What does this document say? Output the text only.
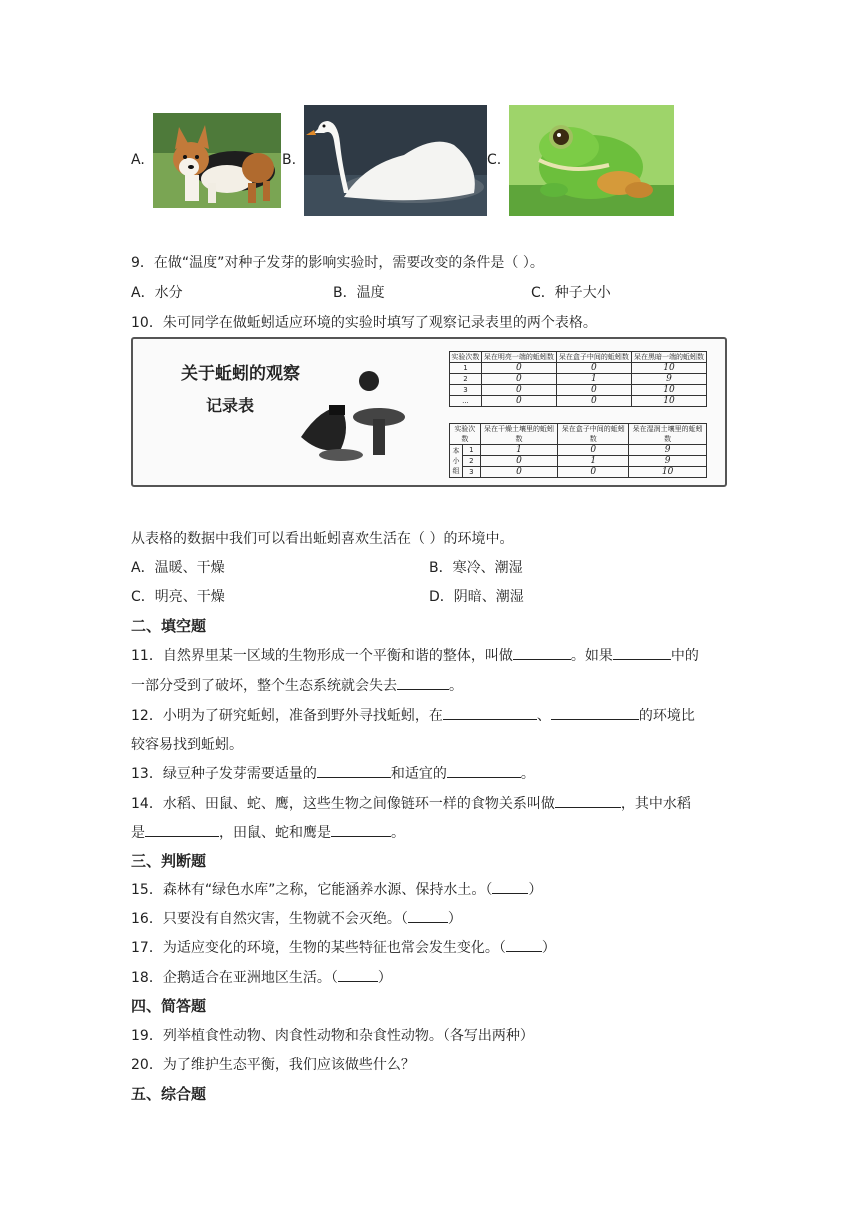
A.	B.	C.
9．在做“温度”对种子发芽的影响实验时，需要改变的条件是（ ）。
A．水分	B．温度	C．种子大小
10．朱可同学在做蚯蚓适应环境的实验时填写了观察记录表里的两个表格。
关于蚯蚓的观察
记录表
实验次数	呆在明亮一端的蚯蚓数	呆在盒子中间的蚯蚓数	呆在黑暗一端的蚯蚓数
1	0	0	10
2	0	1	9
3	0	0	10
...	0	0	10
实验次数		呆在干燥土壤里的蚯蚓数	呆在盒子中间的蚯蚓数	呆在湿润土壤里的蚯蚓数
本小组	1	1	0	9
	2	0	1	9
	3	0	0	10
从表格的数据中我们可以看出蚯蚓喜欢生活在（ ）的环境中。
A．温暖、干燥	B．寒冷、潮湿
C．明亮、干燥	D．阴暗、潮湿
二、填空题
11．自然界里某一区域的生物形成一个平衡和谐的整体，叫做	。如果	中的
一部分受到了破坏，整个生态系统就会失去	。
12．小明为了研究蚯蚓，准备到野外寻找蚯蚓，在	、	的环境比
较容易找到蚯蚓。
13．绿豆种子发芽需要适量的	和适宜的	。
14．水稻、田鼠、蛇、鹰，这些生物之间像链环一样的食物关系叫做	，其中水稻
是	，田鼠、蛇和鹰是	。
三、判断题
15．森林有“绿色水库”之称，它能涵养水源、保持水土。（	）
16．只要没有自然灾害，生物就不会灭绝。（	）
17．为适应变化的环境，生物的某些特征也常会发生变化。（	）
18．企鹅适合在亚洲地区生活。（	）
四、简答题
19．列举植食性动物、肉食性动物和杂食性动物。（各写出两种）
20．为了维护生态平衡，我们应该做些什么？
五、综合题
